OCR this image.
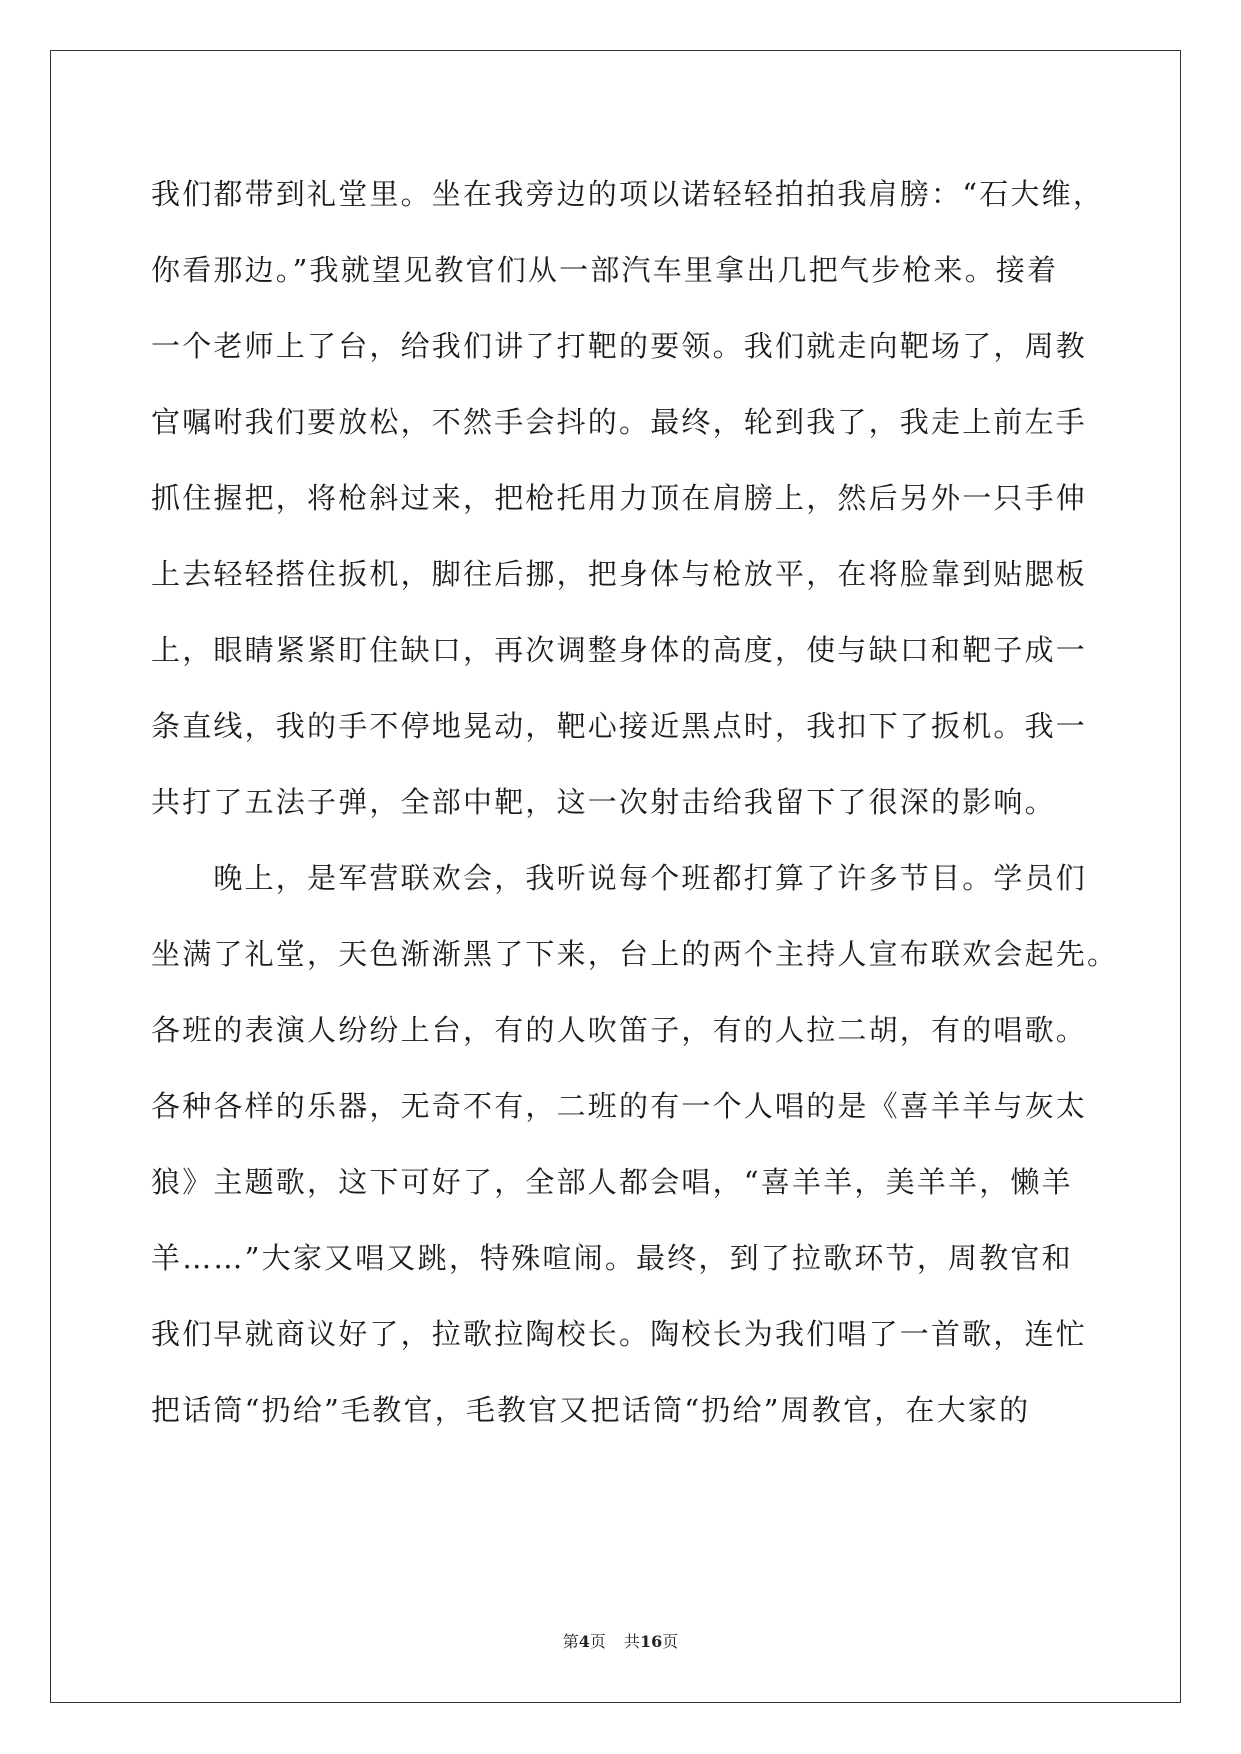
我们都带到礼堂里。坐在我旁边的项以诺轻轻拍拍我肩膀：“石大维，
你看那边。”我就望见教官们从一部汽车里拿出几把气步枪来。接着
一个老师上了台，给我们讲了打靶的要领。我们就走向靶场了，周教
官嘱咐我们要放松，不然手会抖的。最终，轮到我了，我走上前左手
抓住握把，将枪斜过来，把枪托用力顶在肩膀上，然后另外一只手伸
上去轻轻搭住扳机，脚往后挪，把身体与枪放平，在将脸靠到贴腮板
上，眼睛紧紧盯住缺口，再次调整身体的高度，使与缺口和靶子成一
条直线，我的手不停地晃动，靶心接近黑点时，我扣下了扳机。我一
共打了五法子弹，全部中靶，这一次射击给我留下了很深的影响。
　　晚上，是军营联欢会，我听说每个班都打算了许多节目。学员们
坐满了礼堂，天色渐渐黑了下来，台上的两个主持人宣布联欢会起先。
各班的表演人纷纷上台，有的人吹笛子，有的人拉二胡，有的唱歌。
各种各样的乐器，无奇不有，二班的有一个人唱的是《喜羊羊与灰太
狼》主题歌，这下可好了，全部人都会唱，“喜羊羊，美羊羊，懒羊
羊……”大家又唱又跳，特殊喧闹。最终，到了拉歌环节，周教官和
我们早就商议好了，拉歌拉陶校长。陶校长为我们唱了一首歌，连忙
把话筒“扔给”毛教官，毛教官又把话筒“扔给”周教官，在大家的
第4页 共16页
